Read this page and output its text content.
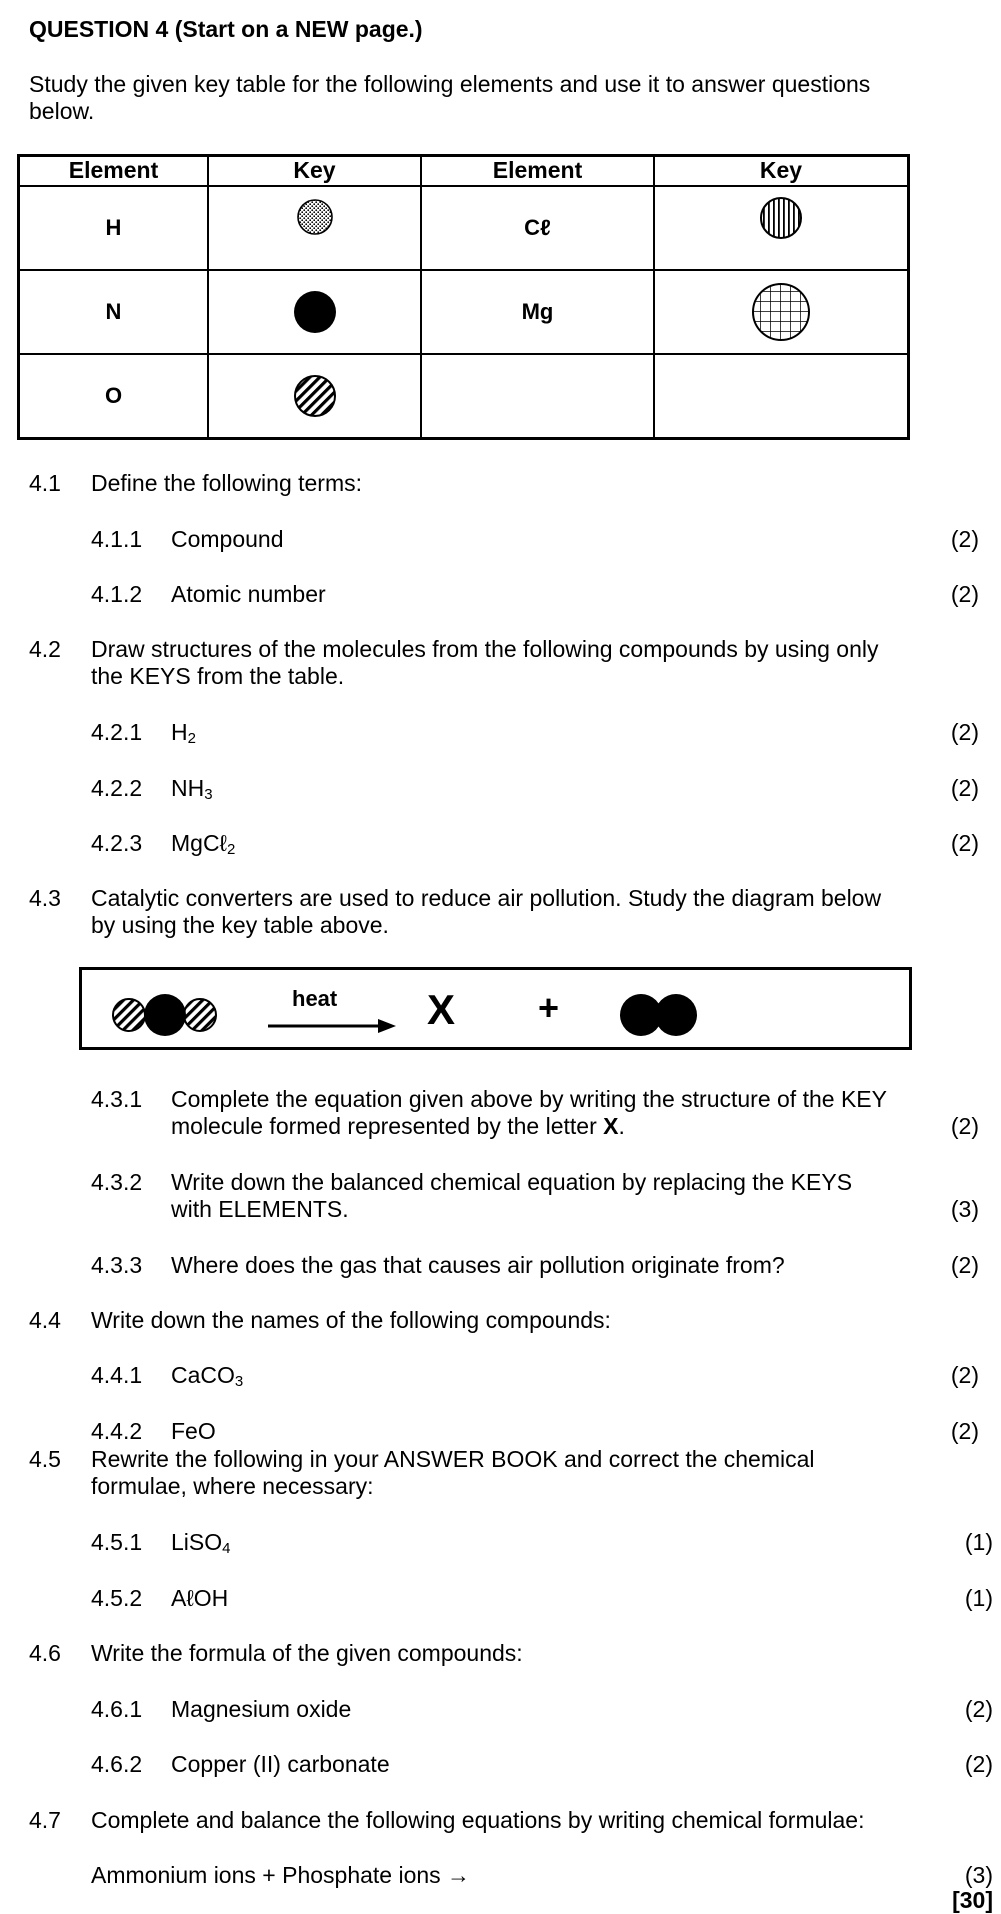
QUESTION 4 (Start on a NEW page.)
Study the given key table for the following elements and use it to answer questions below.
Element	Key	Element	Key
H		Cℓ	

N		Mg	

O	

4.1 Define the following terms:
4.1.1 Compound	(2)
4.1.2 Atomic number	(2)
4.2 Draw structures of the molecules from the following compounds by using only
the KEYS from the table.
4.2.1 $H_2$	(2)
4.2.2 $NH_3$	(2)
4.2.3 MgCℓ$_2$	(2)
4.3 Catalytic converters are used to reduce air pollution. Study the diagram below
by using the key table above.
heat X +
4.3.1 Complete the equation given above by writing the structure of the KEY
molecule formed represented by the letter X.	(2)
4.3.2 Write down the balanced chemical equation by replacing the KEYS
with ELEMENTS.	(3)
4.3.3 Where does the gas that causes air pollution originate from?	(2)
4.4 Write down the names of the following compounds:
4.4.1 CaCO$_3$	(2)
4.4.2 FeO	(2)
4.5 Rewrite the following in your ANSWER BOOK and correct the chemical
formulae, where necessary:
4.5.1 LiSO$_4$	(1)
4.5.2 AℓOH	(1)
4.6 Write the formula of the given compounds:
4.6.1 Magnesium oxide	(2)
4.6.2 Copper (II) carbonate	(2)
4.7 Complete and balance the following equations by writing chemical formulae:
Ammonium ions + Phosphate ions →	(3)
[30]
